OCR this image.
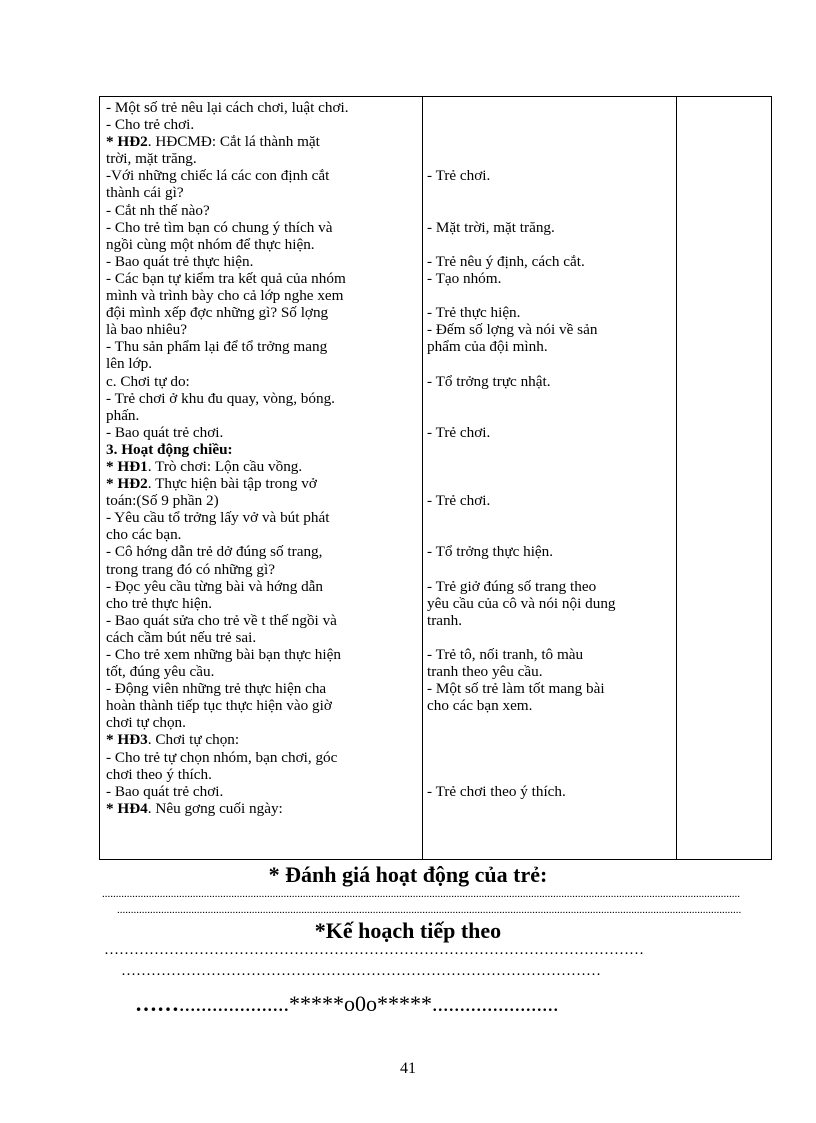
- Một số trẻ nêu lại cách chơi, luật chơi.
- Cho trẻ chơi.
* HĐ2. HĐCMĐ: Cắt lá thành mặt
trời, mặt trăng.
-Với những chiếc lá các con định cắt
thành cái gì?
- Cắt nh thế nào?
- Cho trẻ tìm bạn có chung ý thích và
ngồi cùng một nhóm để thực hiện.
- Bao quát trẻ thực hiện.
- Các bạn tự kiểm tra kết quả của nhóm
mình và trình bày cho cả lớp nghe xem
đội mình xếp đợc những gì? Số lợng
là bao nhiêu?
- Thu sản phẩm lại để tổ trởng mang
lên lớp.
c. Chơi tự do:
- Trẻ chơi ở khu đu quay, vòng, bóng.
phấn.
- Bao quát trẻ chơi.
3. Hoạt động chiều:
* HĐ1. Trò chơi: Lộn cầu vồng.
* HĐ2. Thực hiện bài tập trong vở
toán:(Số 9 phần 2)
- Yêu cầu tổ trởng lấy vở và bút phát
cho các bạn.
- Cô hớng dẫn trẻ dở đúng số trang,
trong trang đó có những gì?
- Đọc yêu cầu từng bài và hớng dẫn
cho trẻ thực hiện.
- Bao quát sửa cho trẻ về t thế ngồi và
cách cầm bút nếu trẻ sai.
- Cho trẻ xem những bài bạn thực hiện
tốt, đúng yêu cầu.
- Động viên những trẻ thực hiện cha
hoàn thành tiếp tục thực hiện vào giờ
chơi tự chọn.
* HĐ3. Chơi tự chọn:
- Cho trẻ tự chọn nhóm, bạn chơi, góc
chơi theo ý thích.
- Bao quát trẻ chơi.
* HĐ4. Nêu gơng cuối ngày:
- Trẻ chơi.
- Mặt trời, mặt trăng.
- Trẻ nêu ý định, cách cắt.
- Tạo nhóm.
- Trẻ thực hiện.
- Đếm số lợng và nói về sản
phẩm của đội mình.
- Tổ trởng trực nhật.
- Trẻ chơi.
- Trẻ chơi.
- Tổ trởng thực hiện.
- Trẻ giở đúng số trang theo
yêu cầu của cô và nói nội dung
tranh.
- Trẻ tô, nối tranh, tô màu
tranh theo yêu cầu.
- Một số trẻ làm tốt mang bài
cho các bạn xem.
- Trẻ chơi theo ý thích.
* Đánh giá hoạt động của trẻ:
........................................................................................................................................................................................................................................
...................................................................................................................................................................................................................................
*Kế hoạch tiếp theo
………………………………………………………………………………………………
……………………………………………………………………………………
……....................*****o0o*****.......................
41
